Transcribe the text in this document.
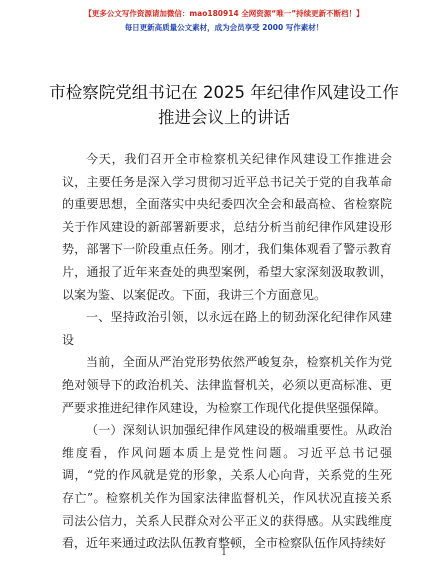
【更多公文写作资源请加微信：mao180914 全网资源“唯一”持续更新不断档！】
每日更新高质量公文素材，成为会员享受 2000 写作素材！
市检察院党组书记在 2025 年纪律作风建设工作
推进会议上的讲话

今天，我们召开全市检察机关纪律作风建设工作推进会议，主要任务是深入学习贯彻习近平总书记关于党的自我革命的重要思想，全面落实中央纪委四次全会和最高检、省检察院关于作风建设的新部署新要求，总结分析当前纪律作风建设形势，部署下一阶段重点任务。刚才，我们集体观看了警示教育片，通报了近年来查处的典型案例，希望大家深刻汲取教训，以案为鉴、以案促改。下面，我讲三个方面意见。

一、坚持政治引领，以永远在路上的韧劲深化纪律作风建设

当前，全面从严治党形势依然严峻复杂，检察机关作为党绝对领导下的政治机关、法律监督机关，必须以更高标准、更严要求推进纪律作风建设，为检察工作现代化提供坚强保障。

（一）深刻认识加强纪律作风建设的极端重要性。从政治维度看，作风问题本质上是党性问题。习近平总书记强调，“党的作风就是党的形象，关系人心向背，关系党的生死存亡”。检察机关作为国家法律监督机关，作风状况直接关系司法公信力，关系人民群众对公平正义的获得感。从实践维度看，近年来通过政法队伍教育整顿，全市检察队伍作风持续好

1
